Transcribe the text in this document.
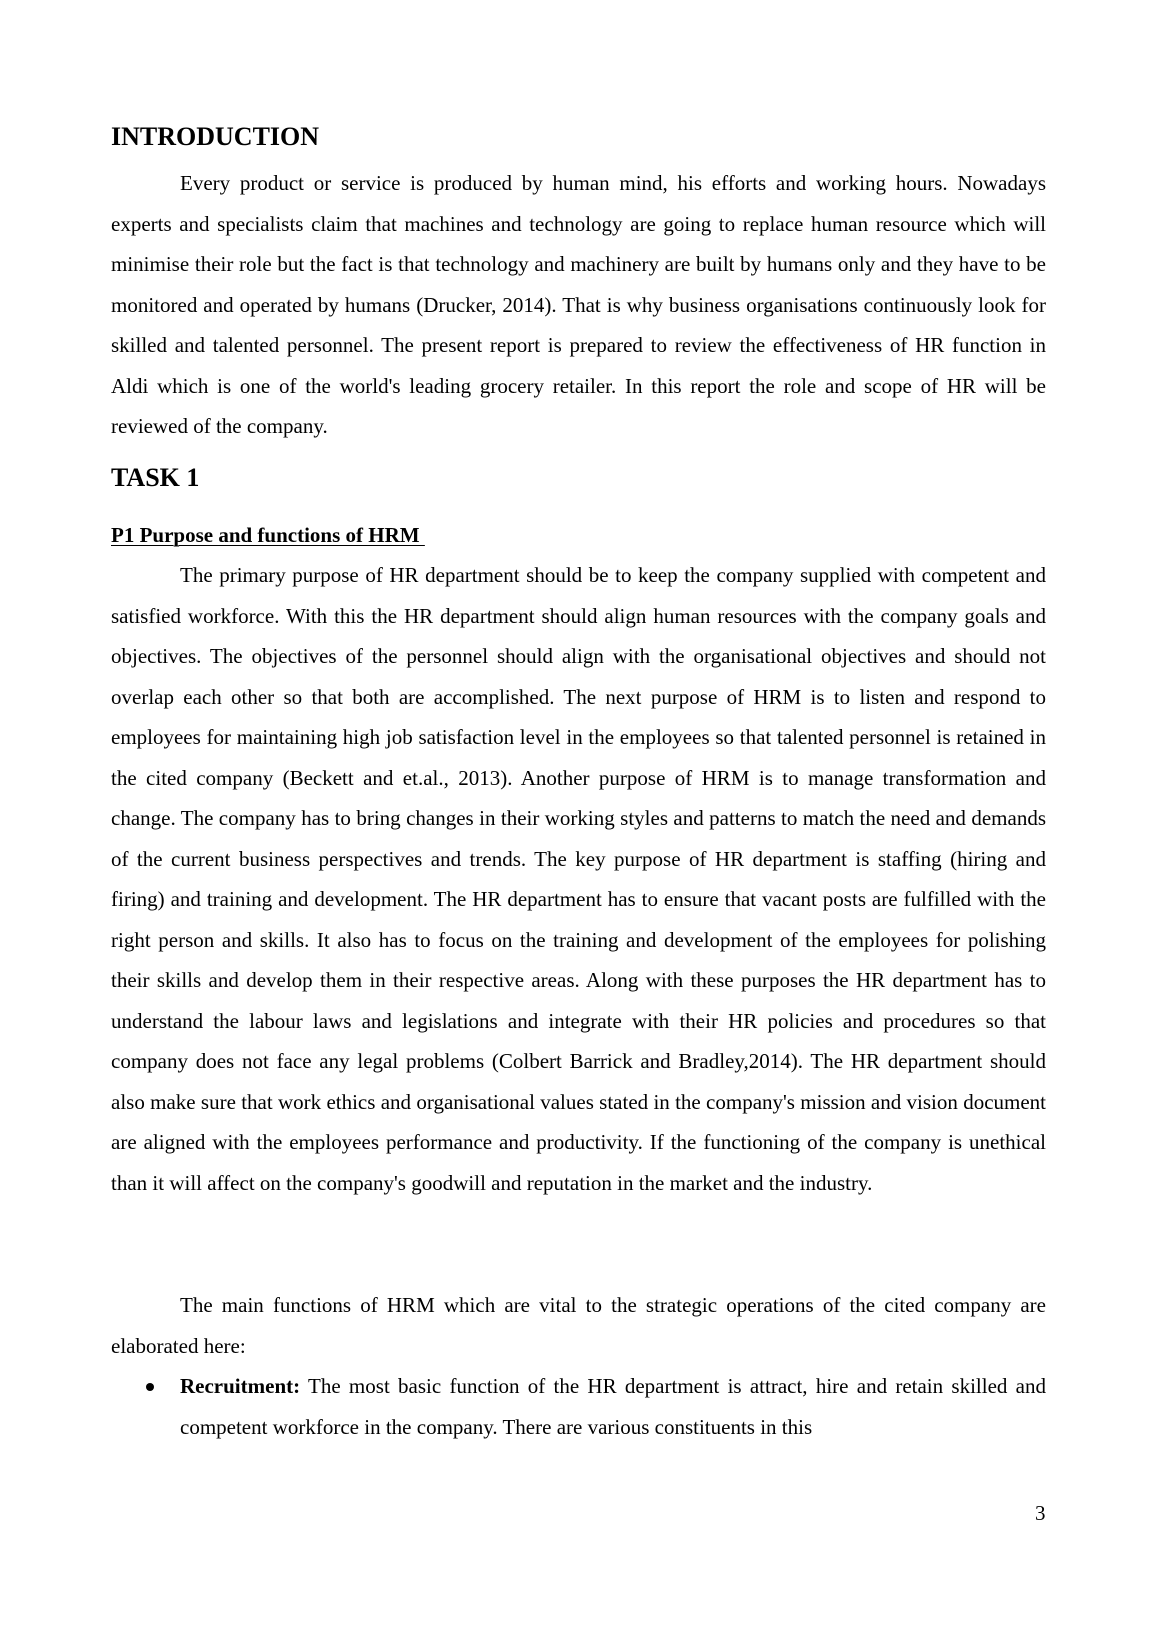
INTRODUCTION

Every product or service is produced by human mind, his efforts and working hours. Nowadays experts and specialists claim that machines and technology are going to replace human resource which will minimise their role but the fact is that technology and machinery are built by humans only and they have to be monitored and operated by humans (Drucker, 2014). That is why business organisations continuously look for skilled and talented personnel. The present report is prepared to review the effectiveness of HR function in Aldi which is one of the world's leading grocery retailer. In this report the role and scope of HR will be reviewed of the company.

TASK 1
P1 Purpose and functions of HRM

The primary purpose of HR department should be to keep the company supplied with competent and satisfied workforce. With this the HR department should align human resources with the company goals and objectives. The objectives of the personnel should align with the organisational objectives and should not overlap each other so that both are accomplished. The next purpose of HRM is to listen and respond to employees for maintaining high job satisfaction level in the employees so that talented personnel is retained in the cited company (Beckett and et.al., 2013). Another purpose of HRM is to manage transformation and change. The company has to bring changes in their working styles and patterns to match the need and demands of the current business perspectives and trends. The key purpose of HR department is staffing (hiring and firing) and training and development. The HR department has to ensure that vacant posts are fulfilled with the right person and skills. It also has to focus on the training and development of the employees for polishing their skills and develop them in their respective areas. Along with these purposes the HR department has to understand the labour laws and legislations and integrate with their HR policies and procedures so that company does not face any legal problems (Colbert Barrick and Bradley,2014). The HR department should also make sure that work ethics and organisational values stated in the company's mission and vision document are aligned with the employees performance and productivity. If the functioning of the company is unethical than it will affect on the company's goodwill and reputation in the market and the industry.

The main functions of HRM which are vital to the strategic operations of the cited company are elaborated here:

Recruitment: The most basic function of the HR department is attract, hire and retain skilled and competent workforce in the company. There are various constituents in this
3
